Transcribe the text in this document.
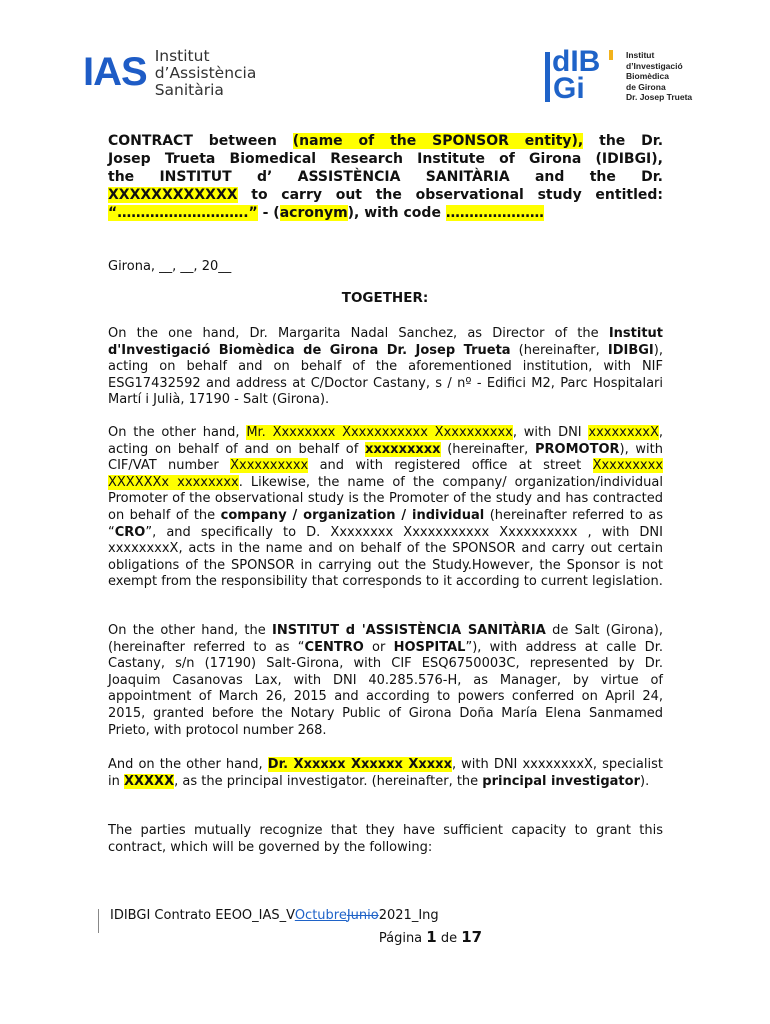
IAS Institut
d’Assistència
Sanitària
dIB
Gi
Institut
d’Investigació
Biomèdica
de Girona
Dr. Josep Trueta
CONTRACT between (name of the SPONSOR entity), the Dr.
Josep Trueta Biomedical Research Institute of Girona (IDIBGI),
the INSTITUT d’ ASSISTÈNCIA SANITÀRIA and the Dr.
XXXXXXXXXXXX to carry out the observational study entitled:
“……………………….” - (acronym), with code …………………
Girona, __, __, 20__
TOGETHER:
On the one hand, Dr. Margarita Nadal Sanchez, as Director of the Institut d'Investigació Biomèdica de Girona Dr. Josep Trueta (hereinafter, IDIBGI), acting on behalf and on behalf of the aforementioned institution, with NIF ESG17432592 and address at C/Doctor Castany, s / nº - Edifici M2, Parc Hospitalari Martí i Julià, 17190 - Salt (Girona).
On the other hand, Mr. Xxxxxxxx Xxxxxxxxxxx Xxxxxxxxxx, with DNI xxxxxxxxX, acting on behalf of and on behalf of xxxxxxxxx (hereinafter, PROMOTOR), with CIF/VAT number Xxxxxxxxxx and with registered office at street Xxxxxxxxx XXXXXXx xxxxxxxx. Likewise, the name of the company/ organization/individual Promoter of the observational study is the Promoter of the study and has contracted on behalf of the company / organization / individual (hereinafter referred to as “CRO”, and specifically to D. Xxxxxxxx Xxxxxxxxxxx Xxxxxxxxxx , with DNI xxxxxxxxX, acts in the name and on behalf of the SPONSOR and carry out certain obligations of the SPONSOR in carrying out the Study.However, the Sponsor is not exempt from the responsibility that corresponds to it according to current legislation.
On the other hand, the INSTITUT d 'ASSISTÈNCIA SANITÀRIA de Salt (Girona), (hereinafter referred to as “CENTRO or HOSPITAL”), with address at calle Dr. Castany, s/n (17190) Salt-Girona, with CIF ESQ6750003C, represented by Dr. Joaquim Casanovas Lax, with DNI 40.285.576-H, as Manager, by virtue of appointment of March 26, 2015 and according to powers conferred on April 24, 2015, granted before the Notary Public of Girona Doña María Elena Sanmamed Prieto, with protocol number 268.
And on the other hand, Dr. Xxxxxx Xxxxxx Xxxxx, with DNI xxxxxxxxX, specialist in XXXXX, as the principal investigator. (hereinafter, the principal investigator).
The parties mutually recognize that they have sufficient capacity to grant this contract, which will be governed by the following:
IDIBGI Contrato EEOO_IAS_VOctubreJunio2021_Ing
Página 1 de 17
